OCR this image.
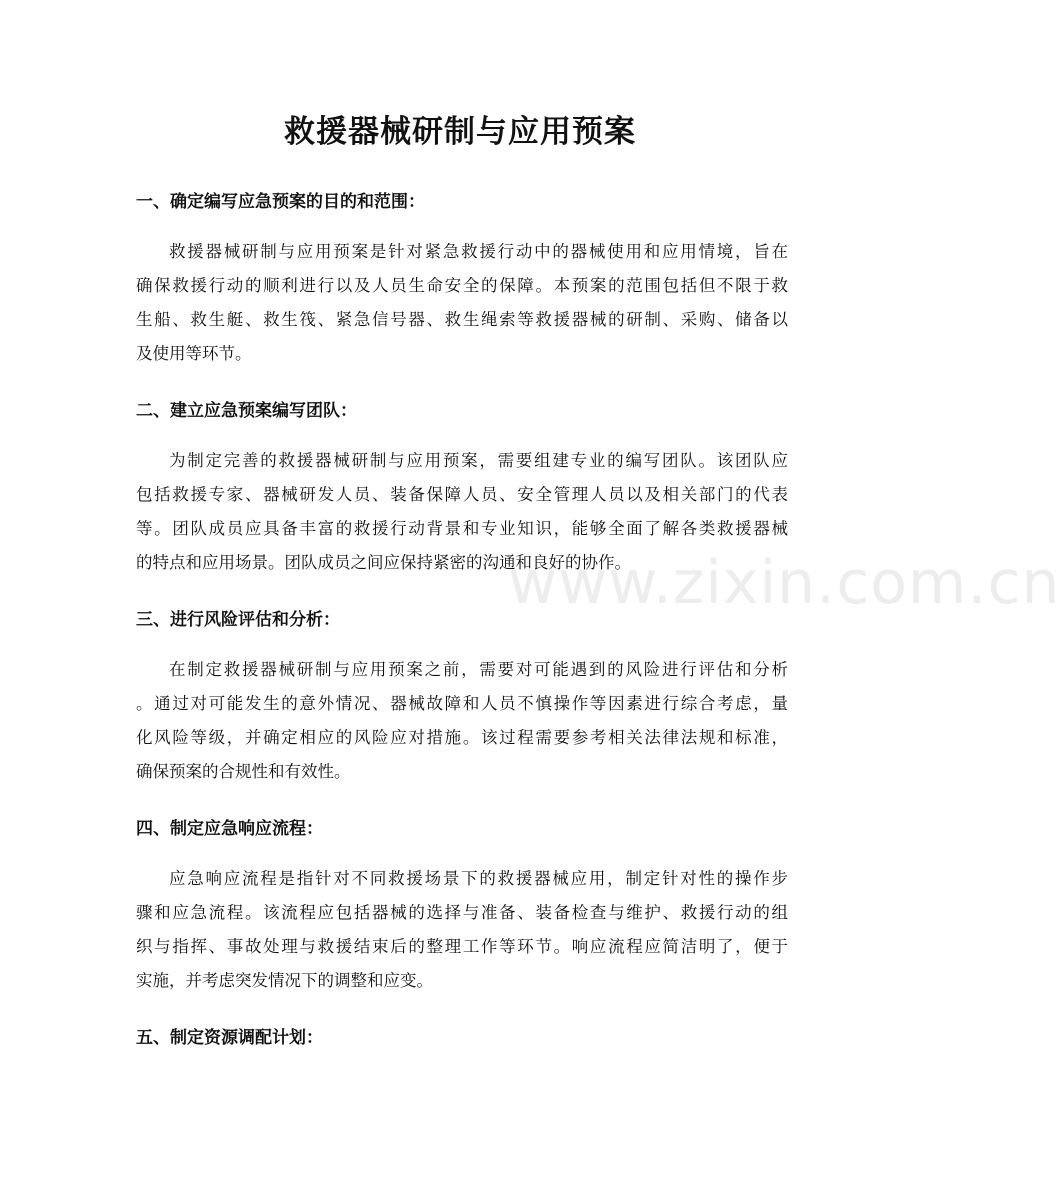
www.zixin.com.cn
救援器械研制与应用预案
一、确定编写应急预案的目的和范围：
救援器械研制与应用预案是针对紧急救援行动中的器械使用和应用情境，旨在
确保救援行动的顺利进行以及人员生命安全的保障。本预案的范围包括但不限于救
生船、救生艇、救生筏、紧急信号器、救生绳索等救援器械的研制、采购、储备以
及使用等环节。
二、建立应急预案编写团队：
为制定完善的救援器械研制与应用预案，需要组建专业的编写团队。该团队应
包括救援专家、器械研发人员、装备保障人员、安全管理人员以及相关部门的代表
等。团队成员应具备丰富的救援行动背景和专业知识，能够全面了解各类救援器械
的特点和应用场景。团队成员之间应保持紧密的沟通和良好的协作。
三、进行风险评估和分析：
在制定救援器械研制与应用预案之前，需要对可能遇到的风险进行评估和分析
。通过对可能发生的意外情况、器械故障和人员不慎操作等因素进行综合考虑，量
化风险等级，并确定相应的风险应对措施。该过程需要参考相关法律法规和标准，
确保预案的合规性和有效性。
四、制定应急响应流程：
应急响应流程是指针对不同救援场景下的救援器械应用，制定针对性的操作步
骤和应急流程。该流程应包括器械的选择与准备、装备检查与维护、救援行动的组
织与指挥、事故处理与救援结束后的整理工作等环节。响应流程应简洁明了，便于
实施，并考虑突发情况下的调整和应变。
五、制定资源调配计划：
